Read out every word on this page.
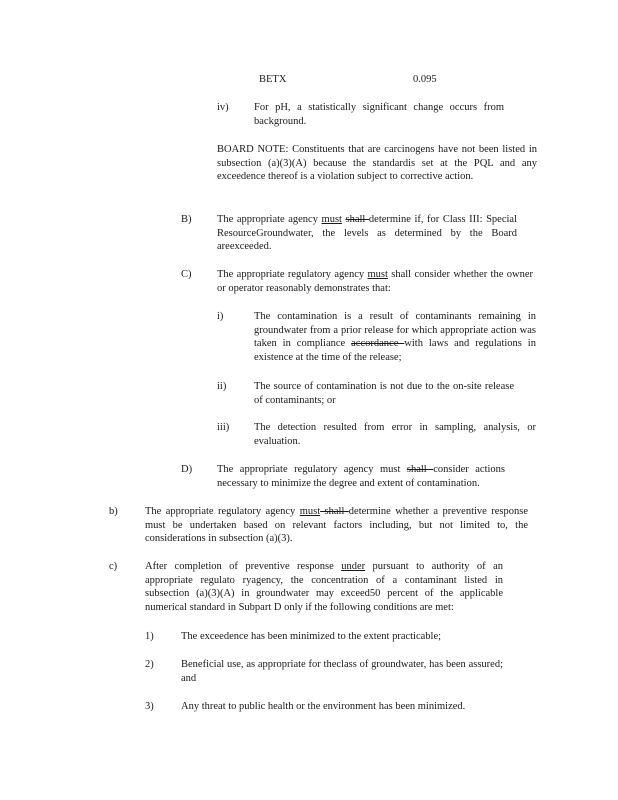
BETX	0.095
iv) For pH, a statistically significant change occurs from background.
BOARD NOTE: Constituents that are carcinogens have not been listed in subsection (a)(3)(A) because the standardis set at the PQL and any exceedence thereof is a violation subject to corrective action.
B) The appropriate agency must shall determine if, for Class III: Special ResourceGroundwater, the levels as determined by the Board areexceeded.
C) The appropriate regulatory agency must shall consider whether the owner or operator reasonably demonstrates that:
i)	The contamination is a result of contaminants remaining in groundwater from a prior release for which appropriate action was taken in compliance accordance with laws and regulations in existence at the time of the release;
ii)	The source of contamination is not due to the on-site release of contaminants; or
iii) The detection resulted from error in sampling, analysis, or evaluation.
D) The appropriate regulatory agency must shall consider actions necessary to minimize the degree and extent of contamination.
b)	The appropriate regulatory agency must shall determine whether a preventive response must be undertaken based on relevant factors including, but not limited to, the considerations in subsection (a)(3).
c)	After completion of preventive response under pursuant to authority of an appropriate regulato ryagency, the concentration of a contaminant listed in subsection (a)(3)(A) in groundwater may exceed50 percent of the applicable numerical standard in Subpart D only if the following conditions are met:
1)	The exceedence has been minimized to the extent practicable;
2)	Beneficial use, as appropriate for theclass of groundwater, has been assured; and
3)	Any threat to public health or the environment has been minimized.
